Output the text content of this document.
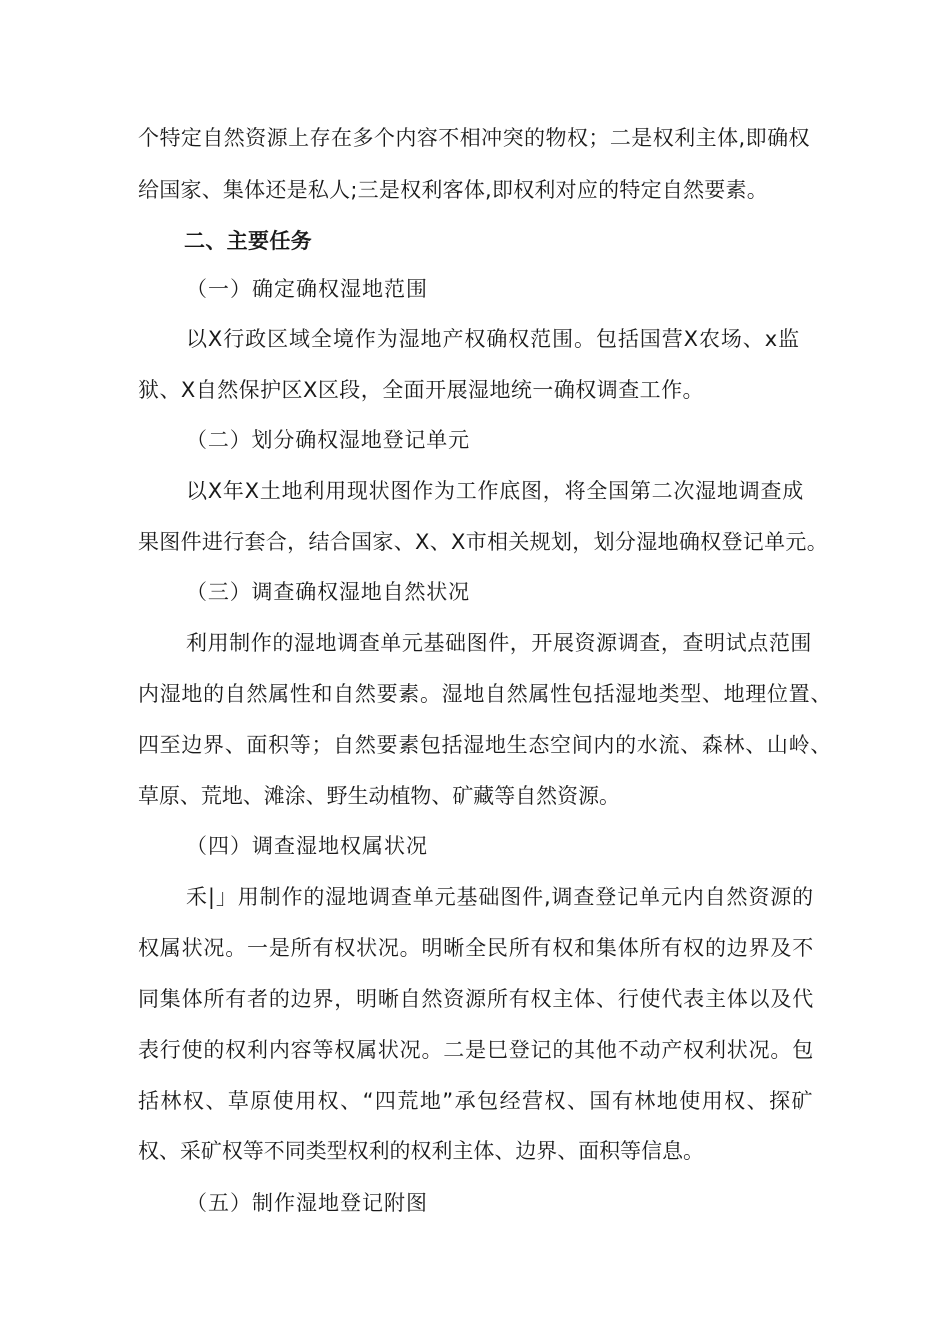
个特定自然资源上存在多个内容不相冲突的物权；二是权利主体,即确权
给国家、集体还是私人;三是权利客体,即权利对应的特定自然要素。
二、主要任务
（一）确定确权湿地范围
以X行政区域全境作为湿地产权确权范围。包括国营X农场、x监
狱、X自然保护区X区段，全面开展湿地统一确权调查工作。
（二）划分确权湿地登记单元
以X年X土地利用现状图作为工作底图，将全国第二次湿地调查成
果图件进行套合，结合国家、X、X市相关规划，划分湿地确权登记单元。
（三）调查确权湿地自然状况
利用制作的湿地调查单元基础图件，开展资源调查，查明试点范围
内湿地的自然属性和自然要素。湿地自然属性包括湿地类型、地理位置、
四至边界、面积等；自然要素包括湿地生态空间内的水流、森林、山岭、
草原、荒地、滩涂、野生动植物、矿藏等自然资源。
（四）调查湿地权属状况
禾|」用制作的湿地调查单元基础图件,调查登记单元内自然资源的
权属状况。一是所有权状况。明晰全民所有权和集体所有权的边界及不
同集体所有者的边界，明晰自然资源所有权主体、行使代表主体以及代
表行使的权利内容等权属状况。二是巳登记的其他不动产权利状况。包
括林权、草原使用权、“四荒地”承包经营权、国有林地使用权、探矿
权、采矿权等不同类型权利的权利主体、边界、面积等信息。
（五）制作湿地登记附图
